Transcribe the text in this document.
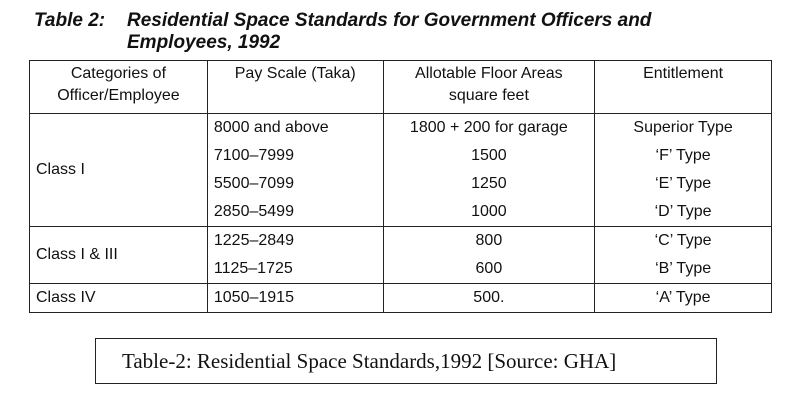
Table 2: Residential Space Standards for Government Officers and
Employees, 1992
Categories of Officer/Employee	Pay Scale (Taka)	Allotable Floor Areas square feet	Entitlement
Class I	8000 and above	1800 + 200 for garage	Superior Type
	7100–7999	1500	‘F’ Type
	5500–7099	1250	‘E’ Type
	2850–5499	1000	‘D’ Type
Class I & III	1225–2849	800	‘C’ Type
	1125–1725	600	‘B’ Type
Class IV	1050–1915	500.	‘A’ Type
Table-2: Residential Space Standards,1992 [Source: GHA]
